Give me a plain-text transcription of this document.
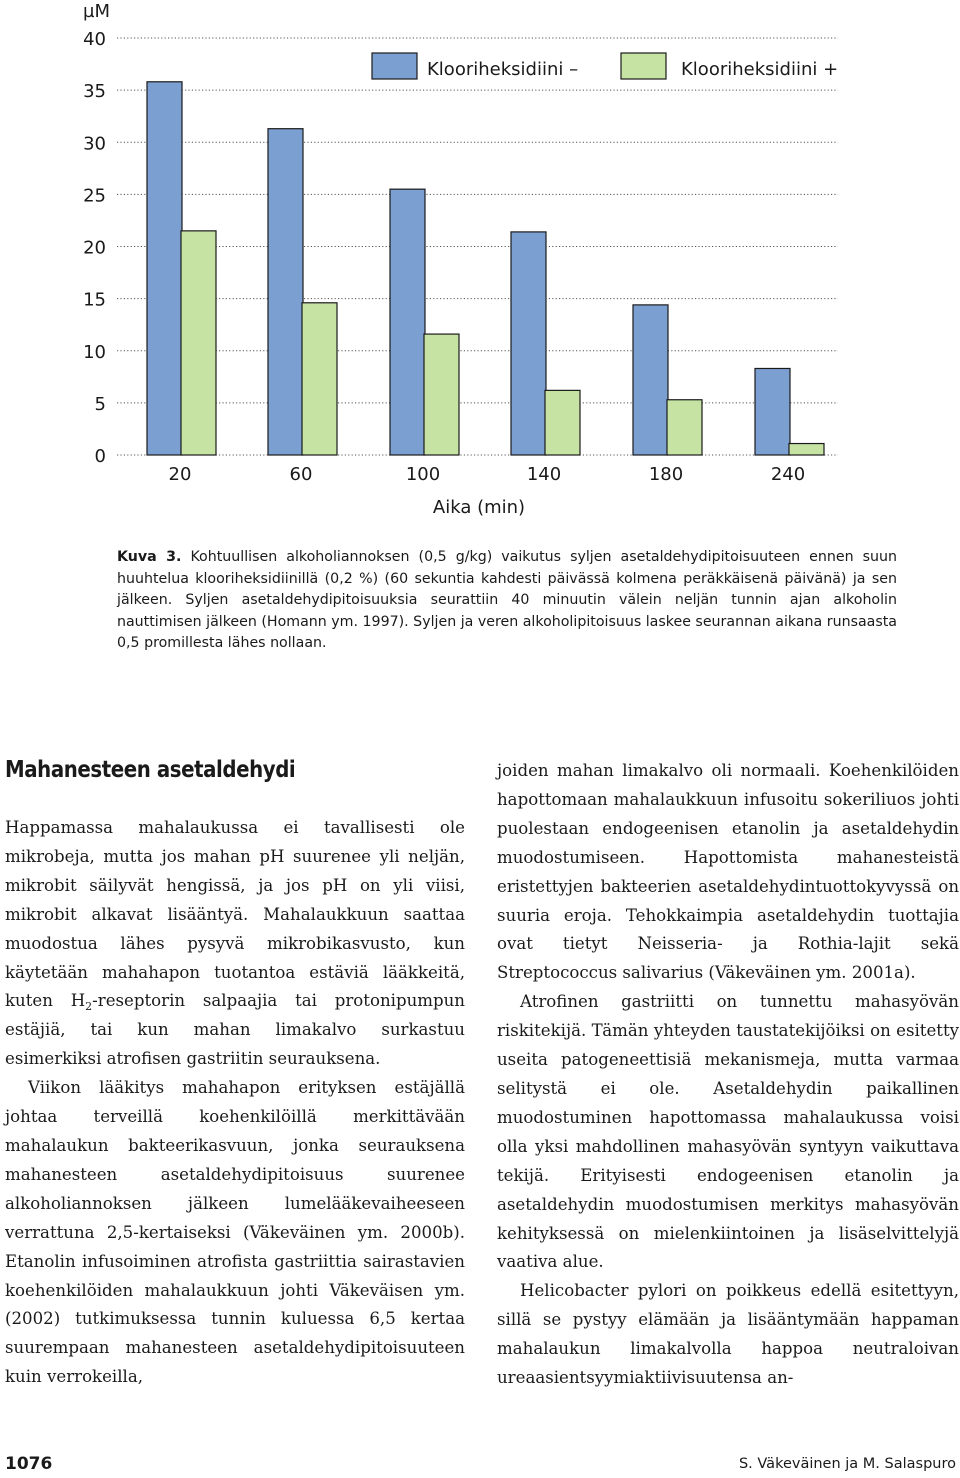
0
5
10
15
20
25
30
35
40
µM
20	60	100	140	180	240
Aika (min)
Klooriheksidiini –	Klooriheksidiini +
Kuva 3. Kohtuullisen alkoholiannoksen (0,5 g/kg) vaikutus syljen asetaldehydipitoisuuteen ennen suun huuhtelua klooriheksidiinillä (0,2 %) (60 sekuntia kahdesti päivässä kolmena peräkkäisenä päivänä) ja sen jälkeen. Syljen asetaldehydipitoisuuksia seurattiin 40 minuutin välein neljän tunnin ajan alkoholin nauttimisen jälkeen (Homann ym. 1997). Syljen ja veren alkoholipitoisuus laskee seurannan aikana runsaasta 0,5 promillesta lähes nollaan.
Mahanesteen asetaldehydi

Happamassa mahalaukussa ei tavallisesti ole mikrobeja, mutta jos mahan pH suurenee yli neljän, mikrobit säilyvät hengissä, ja jos pH on yli viisi, mikrobit alkavat lisääntyä. Mahalaukkuun saattaa muodostua lähes pysyvä mikrobikasvusto, kun käytetään mahahapon tuotantoa estäviä lääkkeitä, kuten $H_2$-reseptorin salpaajia tai protonipumpun estäjiä, tai kun mahan limakalvo surkastuu esimerkiksi atrofisen gastriitin seurauksena.

Viikon lääkitys mahahapon erityksen estäjällä johtaa terveillä koehenkilöillä merkittävään mahalaukun bakteerikasvuun, jonka seurauksena mahanesteen asetaldehydipitoisuus suurenee alkoholiannoksen jälkeen lumelääkevaiheeseen verrattuna 2,5-kertaiseksi (Väkeväinen ym. 2000b). Etanolin infusoiminen atrofista gastriittia sairastavien koehenkilöiden mahalaukkuun johti Väkeväisen ym. (2002) tutkimuksessa tunnin kuluessa 6,5 kertaa suurempaan mahanesteen asetaldehydipitoisuuteen kuin verrokeilla,

joiden mahan limakalvo oli normaali. Koehenkilöiden hapottomaan mahalaukkuun infusoitu sokeriliuos johti puolestaan endogeenisen etanolin ja asetaldehydin muodostumiseen. Hapottomista mahanesteistä eristettyjen bakteerien asetaldehydintuottokyvyssä on suuria eroja. Tehokkaimpia asetaldehydin tuottajia ovat tietyt Neisseria- ja Rothia-lajit sekä Streptococcus salivarius (Väkeväinen ym. 2001a).

Atrofinen gastriitti on tunnettu mahasyövän riskitekijä. Tämän yhteyden taustatekijöiksi on esitetty useita patogeneettisiä mekanismeja, mutta varmaa selitystä ei ole. Asetaldehydin paikallinen muodostuminen hapottomassa mahalaukussa voisi olla yksi mahdollinen mahasyövän syntyyn vaikuttava tekijä. Erityisesti endogeenisen etanolin ja asetaldehydin muodostumisen merkitys mahasyövän kehityksessä on mielenkiintoinen ja lisäselvittelyjä vaativa alue.

Helicobacter pylori on poikkeus edellä esitettyyn, sillä se pystyy elämään ja lisääntymään happaman mahalaukun limakalvolla happoa neutraloivan ureaasientsyymiaktiivisuutensa an-

1076	S. Väkeväinen ja M. Salaspuro
